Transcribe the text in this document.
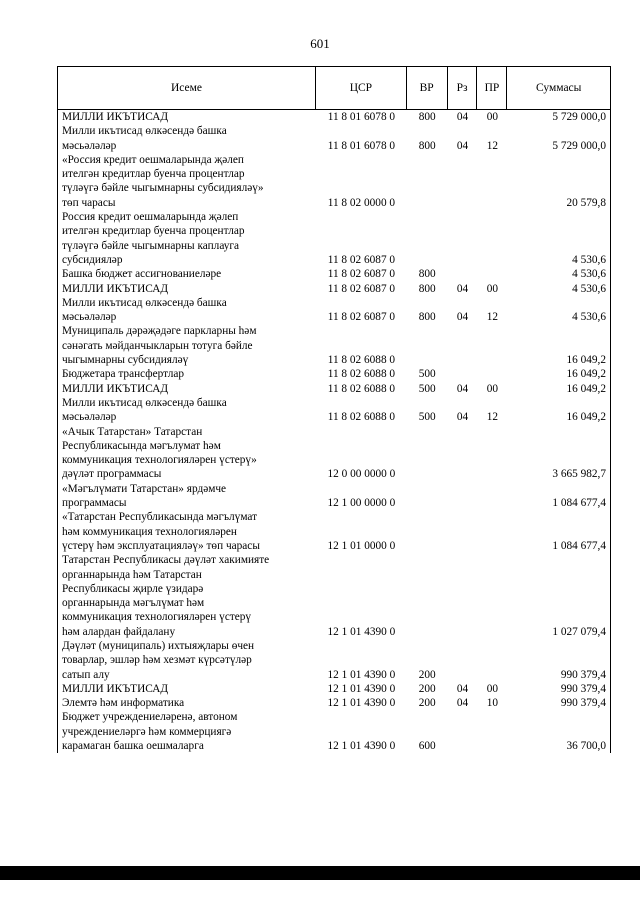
601
Исеме	ЦСР	ВР	Рз	ПР	Суммасы
МИЛЛИ ИКЪТИСАД	11 8 01 6078 0	800	04	00	5 729 000,0
Милли икътисад өлкәсендә башка
мәсьәләләр	11 8 01 6078 0	800	04	12	5 729 000,0
«Россия кредит оешмаларында җәлеп
ителгән кредитлар буенча процентлар
түләүгә бәйле чыгымнарны субсидияләү»
төп чарасы	11 8 02 0000 0	20 579,8
Россия кредит оешмаларында җәлеп
ителгән кредитлар буенча процентлар
түләүгә бәйле чыгымнарны каплауга
субсидияләр	11 8 02 6087 0	4 530,6
Башка бюджет ассигнованиеләре	11 8 02 6087 0	800	4 530,6
МИЛЛИ ИКЪТИСАД	11 8 02 6087 0	800	04	00	4 530,6
Милли икътисад өлкәсендә башка
мәсьәләләр	11 8 02 6087 0	800	04	12	4 530,6
Муниципаль дәрәҗәдәге паркларны һәм
сәнәгать мәйданчыкларын тотуга бәйле
чыгымнарны субсидияләү	11 8 02 6088 0	16 049,2
Бюджетара трансфертлар	11 8 02 6088 0	500	16 049,2
МИЛЛИ ИКЪТИСАД	11 8 02 6088 0	500	04	00	16 049,2
Милли икътисад өлкәсендә башка
мәсьәләләр	11 8 02 6088 0	500	04	12	16 049,2
«Ачык Татарстан» Татарстан
Республикасында мәгълумат һәм
коммуникация технологияләрен үстерү»
дәүләт программасы	12 0 00 0000 0	3 665 982,7
«Мәгълүмати Татарстан» ярдәмче
программасы	12 1 00 0000 0	1 084 677,4
«Татарстан Республикасында мәгълүмат
һәм коммуникация технологияләрен
үстерү һәм эксплуатацияләү» төп чарасы	12 1 01 0000 0	1 084 677,4
Татарстан Республикасы дәүләт хакимияте
органнарында һәм Татарстан
Республикасы җирле үзидарә
органнарында мәгълүмат һәм
коммуникация технологияләрен үстерү
һәм алардан файдалану	12 1 01 4390 0	1 027 079,4
Дәүләт (муниципаль) ихтыяҗлары өчен
товарлар, эшләр һәм хезмәт күрсәтүләр
сатып алу	12 1 01 4390 0	200	990 379,4
МИЛЛИ ИКЪТИСАД	12 1 01 4390 0	200	04	00	990 379,4
Элемтә һәм информатика	12 1 01 4390 0	200	04	10	990 379,4
Бюджет учреждениеләренә, автоном
учреждениеләргә һәм коммерциягә
карамаган башка оешмаларга	12 1 01 4390 0	600	36 700,0
